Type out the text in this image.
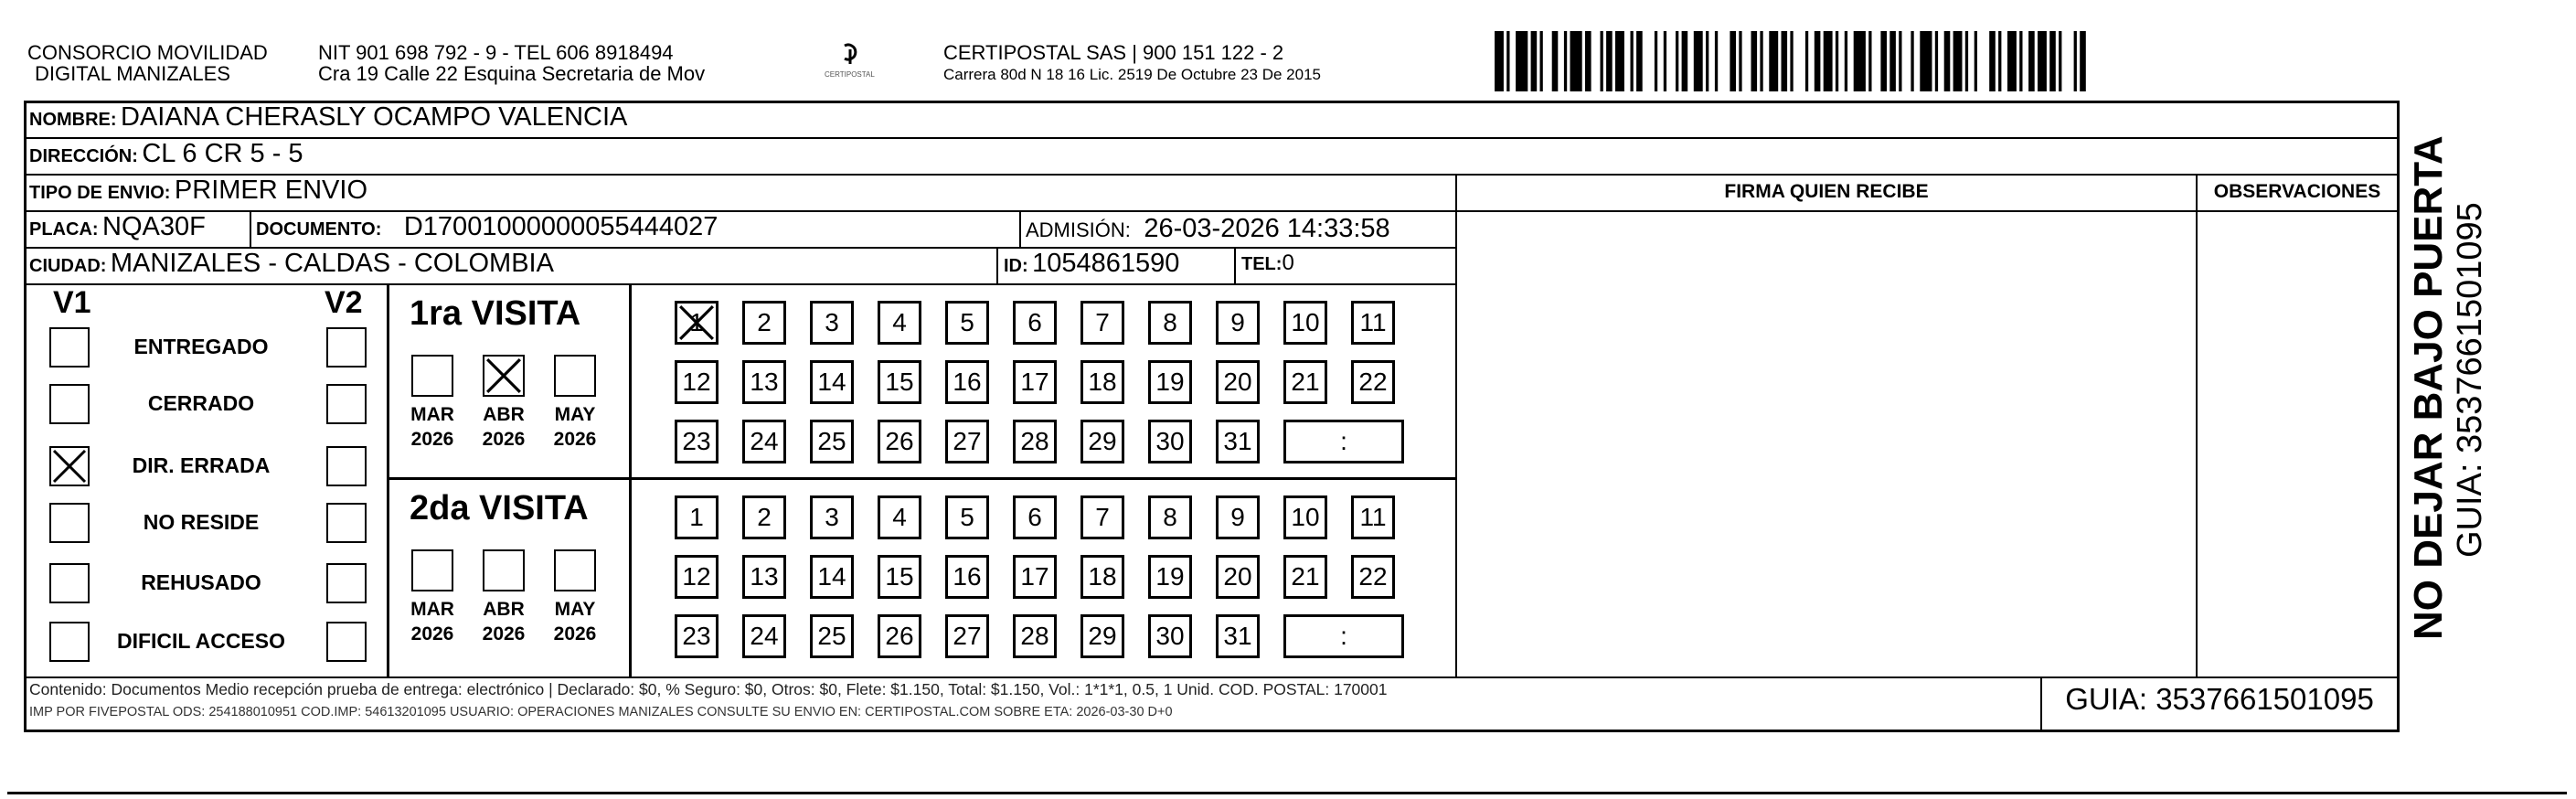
CONSORCIO MOVILIDAD
DIGITAL MANIZALES
NIT 901 698 792 - 9 - TEL 606 8918494
Cra 19 Calle 22 Esquina Secretaria de Mov	CERTIPOSTAL
CERTIPOSTAL SAS | 900 151 122 - 2
Carrera 80d N 18 16 Lic. 2519 De Octubre 23 De 2015
NOMBRE: DAIANA CHERASLY OCAMPO VALENCIA
DIRECCIÓN: CL 6 CR 5 - 5
TIPO DE ENVIO: PRIMER ENVIO
PLACA: NQA30F	DOCUMENTO: D17001000000055444027	ADMISIÓN: 26-03-2026 14:33:58
CIUDAD: MANIZALES - CALDAS - COLOMBIA	ID: 1054861590	TEL:0
FIRMA QUIEN RECIBE	OBSERVACIONES
V1	V2
ENTREGADO
CERRADO
DIR. ERRADA
NO RESIDE
REHUSADO
DIFICIL ACCESO
1ra VISITA
MAR
2026
ABR
2026
MAY
2026
1	2	3	4	5	6	7	8	9	10	11
12	13	14	15	16	17	18	19	20	21	22
23	24	25	26	27	28	29	30	31	:
2da VISITA
MAR
2026
ABR
2026
MAY
2026
1	2	3	4	5	6	7	8	9	10	11
12	13	14	15	16	17	18	19	20	21	22
23	24	25	26	27	28	29	30	31	:
Contenido: Documentos Medio recepción prueba de entrega: electrónico | Declarado: $0, % Seguro: $0, Otros: $0, Flete: $1.150, Total: $1.150, Vol.: 1*1*1, 0.5, 1 Unid. COD. POSTAL: 170001
IMP POR FIVEPOSTAL ODS: 254188010951 COD.IMP: 54613201095 USUARIO: OPERACIONES MANIZALES CONSULTE SU ENVIO EN: CERTIPOSTAL.COM SOBRE ETA: 2026-03-30 D+0	GUIA: 3537661501095
NO DEJAR BAJO PUERTA GUIA: 3537661501095
